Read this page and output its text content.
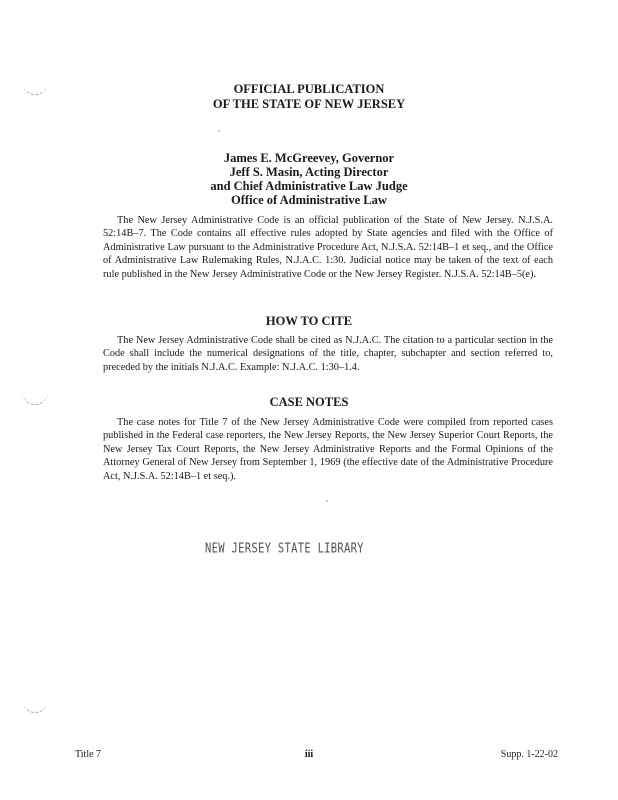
OFFICIAL PUBLICATION
OF THE STATE OF NEW JERSEY
James E. McGreevey, Governor
Jeff S. Masin, Acting Director
and Chief Administrative Law Judge
Office of Administrative Law
The New Jersey Administrative Code is an official publication of the State of New Jersey. N.J.S.A. 52:14B–7. The Code contains all effective rules adopted by State agencies and filed with the Office of Administrative Law pursuant to the Administrative Procedure Act, N.J.S.A. 52:14B–1 et seq., and the Office of Administrative Law Rulemaking Rules, N.J.A.C. 1:30. Judicial notice may be taken of the text of each rule published in the New Jersey Administrative Code or the New Jersey Register. N.J.S.A. 52:14B–5(e).
HOW TO CITE
The New Jersey Administrative Code shall be cited as N.J.A.C. The citation to a particular section in the Code shall include the numerical designations of the title, chapter, subchapter and section referred to, preceded by the initials N.J.A.C. Example: N.J.A.C. 1:30–1.4.
CASE NOTES
The case notes for Title 7 of the New Jersey Administrative Code were compiled from reported cases published in the Federal case reporters, the New Jersey Reports, the New Jersey Superior Court Reports, the New Jersey Tax Court Reports, the New Jersey Administrative Reports and the Formal Opinions of the Attorney General of New Jersey from September 1, 1969 (the effective date of the Administrative Procedure Act, N.J.S.A. 52:14B–1 et seq.).
NEW JERSEY STATE LIBRARY
Title 7	iii	Supp. 1-22-02
